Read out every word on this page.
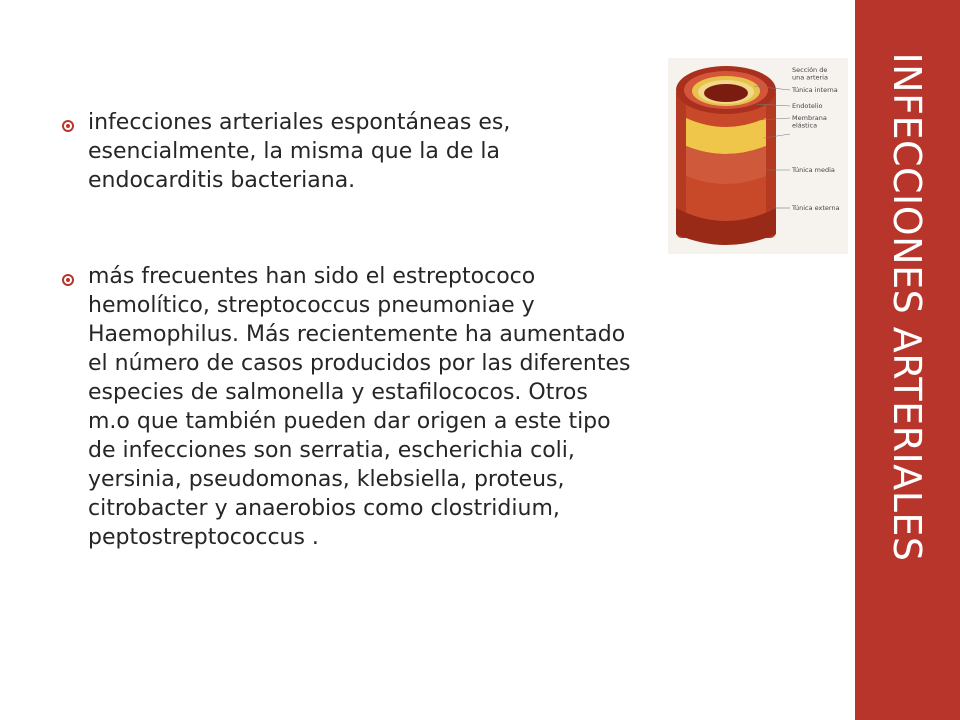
infecciones arteriales espontáneas es,
esencialmente, la misma que la de la
endocarditis bacteriana.
más frecuentes han sido el estreptococo
hemolítico, streptococcus pneumoniae y
Haemophilus. Más recientemente ha aumentado
el número de casos producidos por las diferentes
especies de salmonella y estafilococos. Otros
m.o que también pueden dar origen a este tipo
de infecciones son serratia, escherichia coli,
yersinia, pseudomonas, klebsiella, proteus,
citrobacter y anaerobios como clostridium,
peptostreptococcus .
Sección de una arteria
Túnica interna
Endotelio
Membrana elástica
Túnica media
Túnica externa INFECCIONES ARTERIALES
